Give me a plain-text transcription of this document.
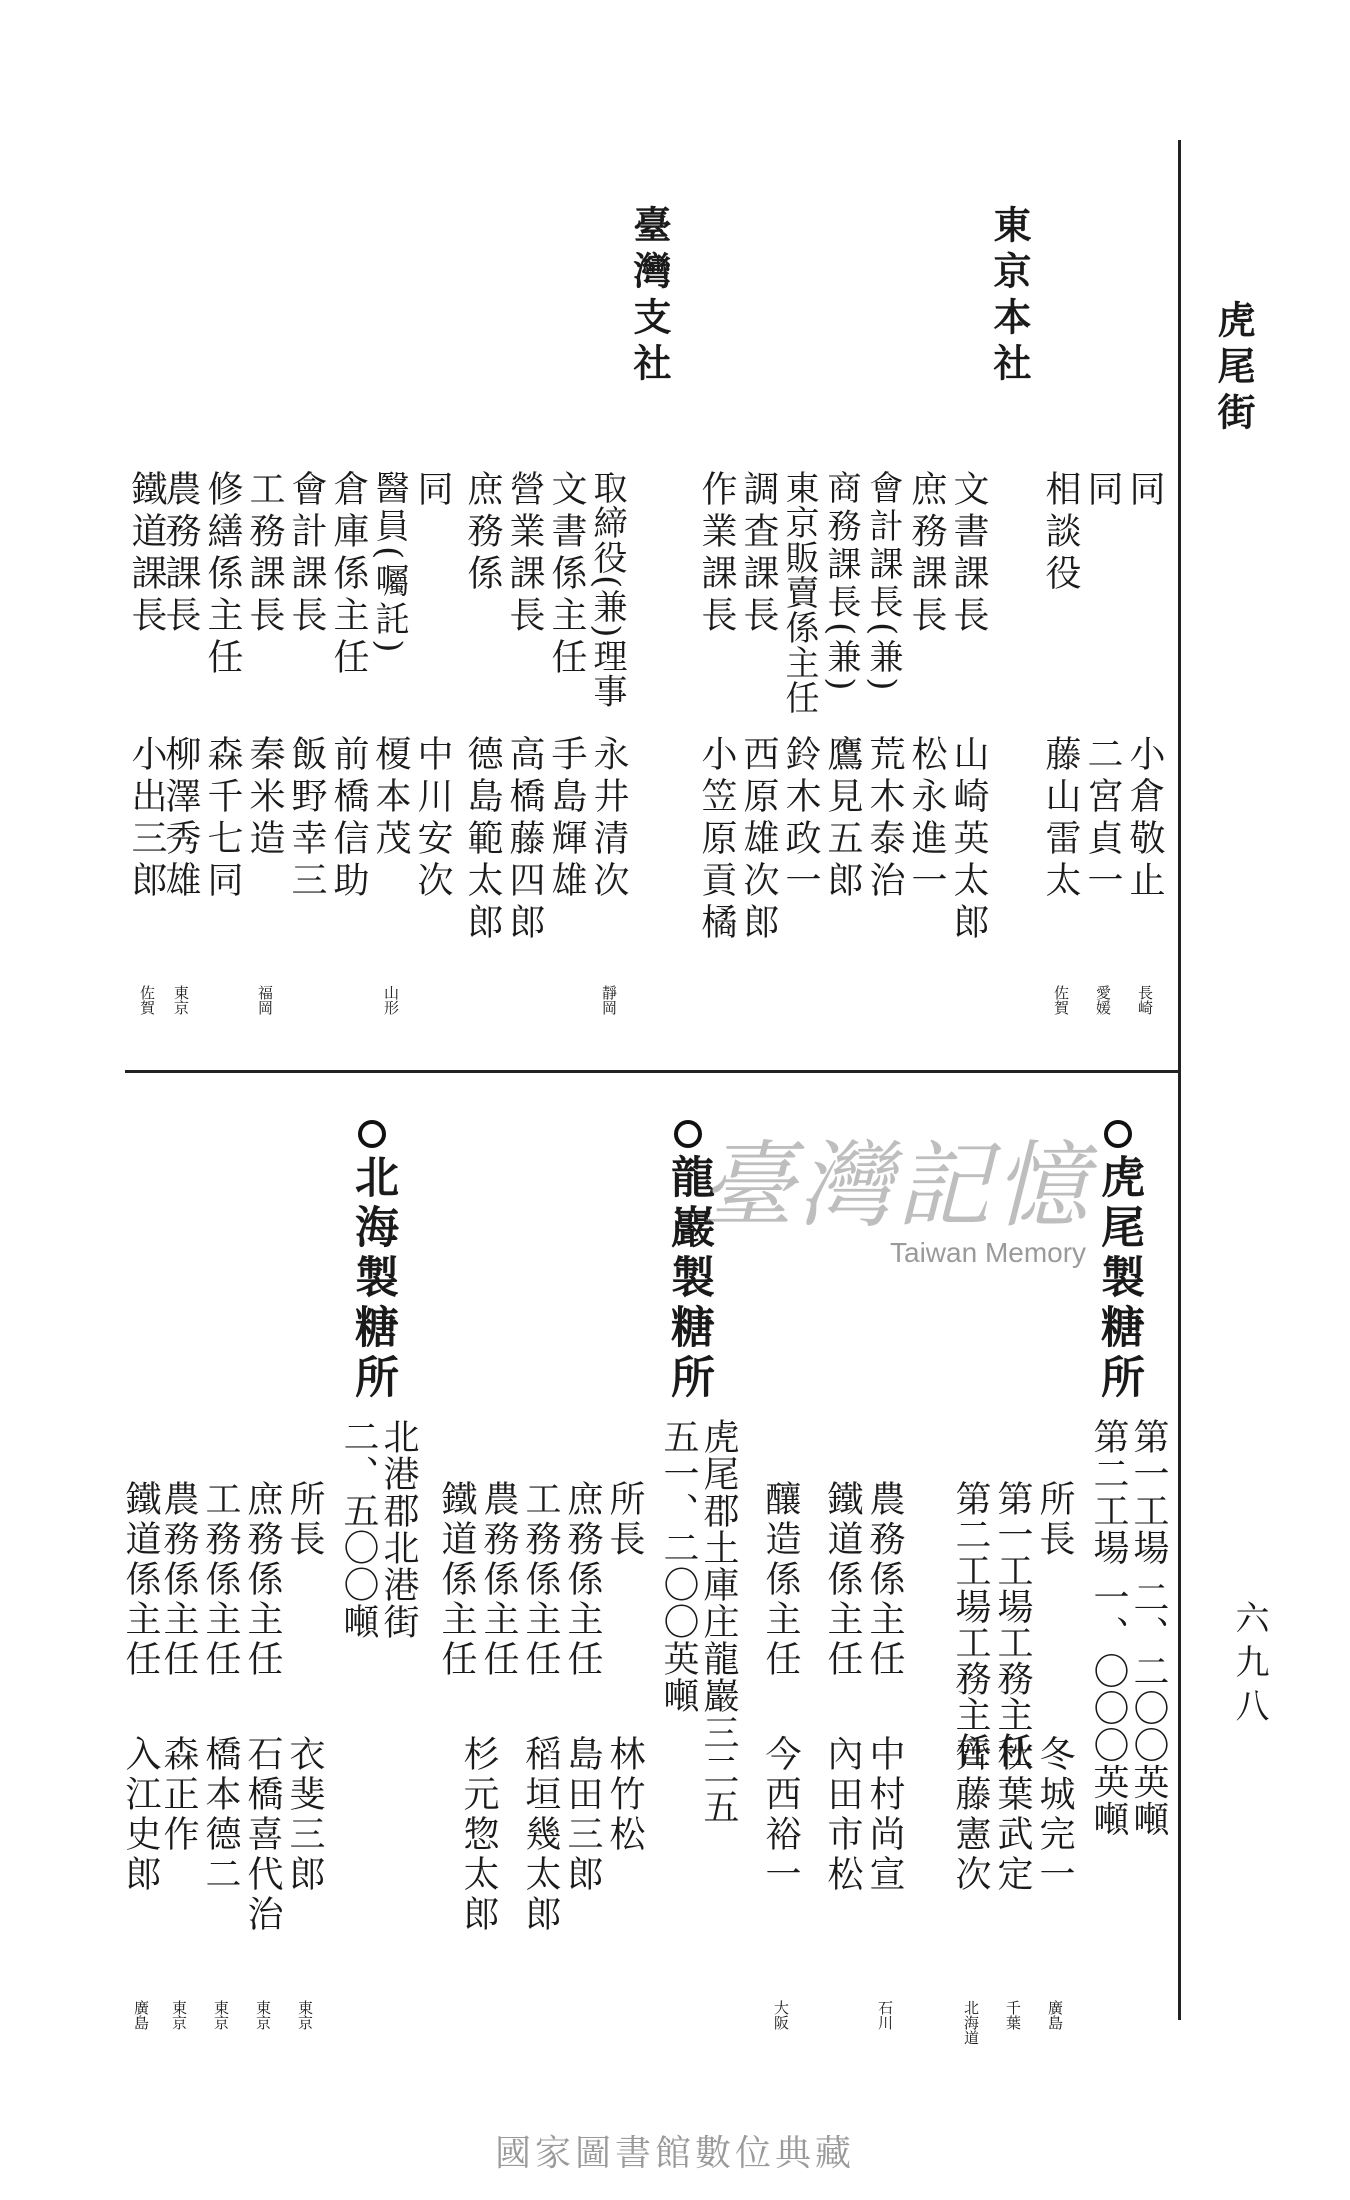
虎尾街
六九八
東京本社
臺灣支社
同
小倉敬止
長崎
同
二宮貞一
愛媛
相談役
藤山雷太
佐賀
文書課長
山崎英太郎
庶務課長
松永進一
會計課長(兼)
荒木泰治
商務課長(兼)
鷹見五郎
東京販賣係主任
鈴木政一
調査課長
西原雄次郎
作業課長
小笠原貢橘
取締役(兼)理事
永井清次
靜岡
文書係主任
手島輝雄
營業課長
高橋藤四郎
庶務係
德島範太郎
同
中川安次
醫員(囑託)
榎本茂
山形
倉庫係主任
前橋信助
會計課長
飯野幸三
工務課長
秦米造
福岡
修繕係主任
森千七同
農務課長
柳澤秀雄
東京
鐵道課長
小出三郎
佐賀
虎尾製糖所
第一工場 二、二〇〇英噸
第二工場 一、〇〇〇英噸
所長
冬城完一
廣島
第一工場工務主任
秋葉武定
千葉
第二工場工務主任
齊藤憲次
北海道
農務係主任
中村尚宣
石川
鐵道係主任
內田市松
釀造係主任
今西裕一
大阪
龍巖製糖所
虎尾郡土庫庄龍巖三二五
五一、二〇〇英噸
所長
林竹松
庶務係主任
島田三郎
工務係主任
稻垣幾太郎
農務係主任
鐵道係主任
杉元惣太郎
北海製糖所
北港郡北港街
二、五〇〇噸
所長
衣斐三郎
東京
庶務係主任
石橋喜代治
東京
工務係主任
橋本德二
東京
農務係主任
森正作
東京
鐵道係主任
入江史郎
廣島
臺灣記憶
Taiwan Memory
國家圖書館數位典藏
